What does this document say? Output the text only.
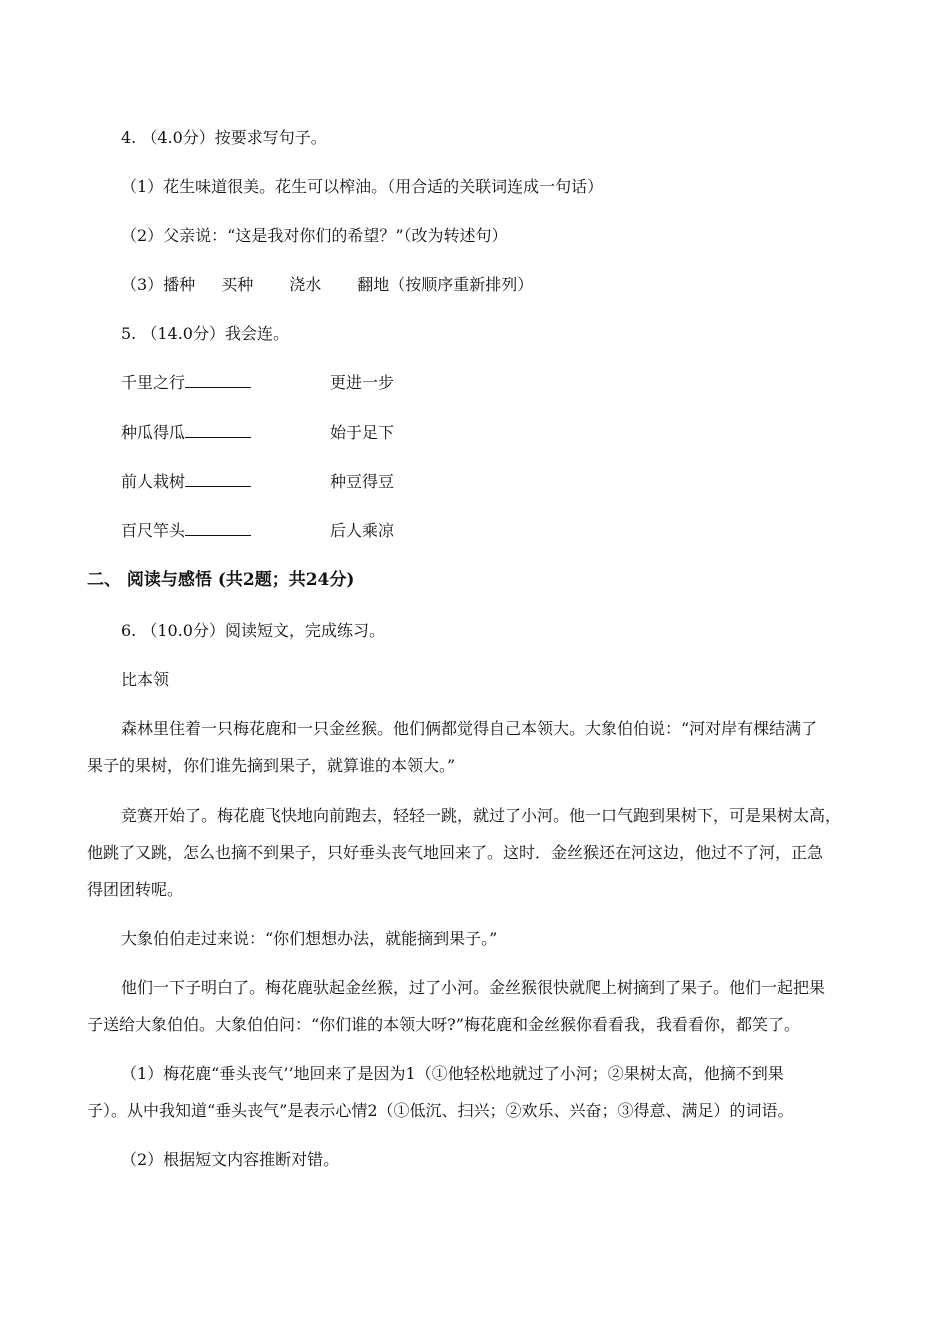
4. （4.0分）按要求写句子。
（1）花生味道很美。花生可以榨油。（用合适的关联词连成一句话）
（2）父亲说：“这是我对你们的希望？”（改为转述句）
（3）播种 买种 浇水 翻地（按顺序重新排列）
5. （14.0分）我会连。
千里之行	更进一步
种瓜得瓜	始于足下
前人栽树	种豆得豆
百尺竿头	后人乘凉
二、 阅读与感悟 (共2题；共24分)
6. （10.0分）阅读短文，完成练习。
比本领
森林里住着一只梅花鹿和一只金丝猴。他们俩都觉得自己本领大。大象伯伯说：“河对岸有棵结满了
果子的果树，你们谁先摘到果子，就算谁的本领大。”
竞赛开始了。梅花鹿飞快地向前跑去，轻轻一跳，就过了小河。他一口气跑到果树下，可是果树太高，
他跳了又跳，怎么也摘不到果子，只好垂头丧气地回来了。这时．金丝猴还在河这边，他过不了河，正急
得团团转呢。
大象伯伯走过来说：“你们想想办法，就能摘到果子。”
他们一下子明白了。梅花鹿驮起金丝猴，过了小河。金丝猴很快就爬上树摘到了果子。他们一起把果
子送给大象伯伯。大象伯伯问：“你们谁的本领大呀?”梅花鹿和金丝猴你看看我，我看看你，都笑了。
（1）梅花鹿“垂头丧气’’地回来了是因为1（①他轻松地就过了小河；②果树太高，他摘不到果
子）。从中我知道“垂头丧气”是表示心情2（①低沉、扫兴；②欢乐、兴奋；③得意、满足）的词语。
（2）根据短文内容推断对错。
